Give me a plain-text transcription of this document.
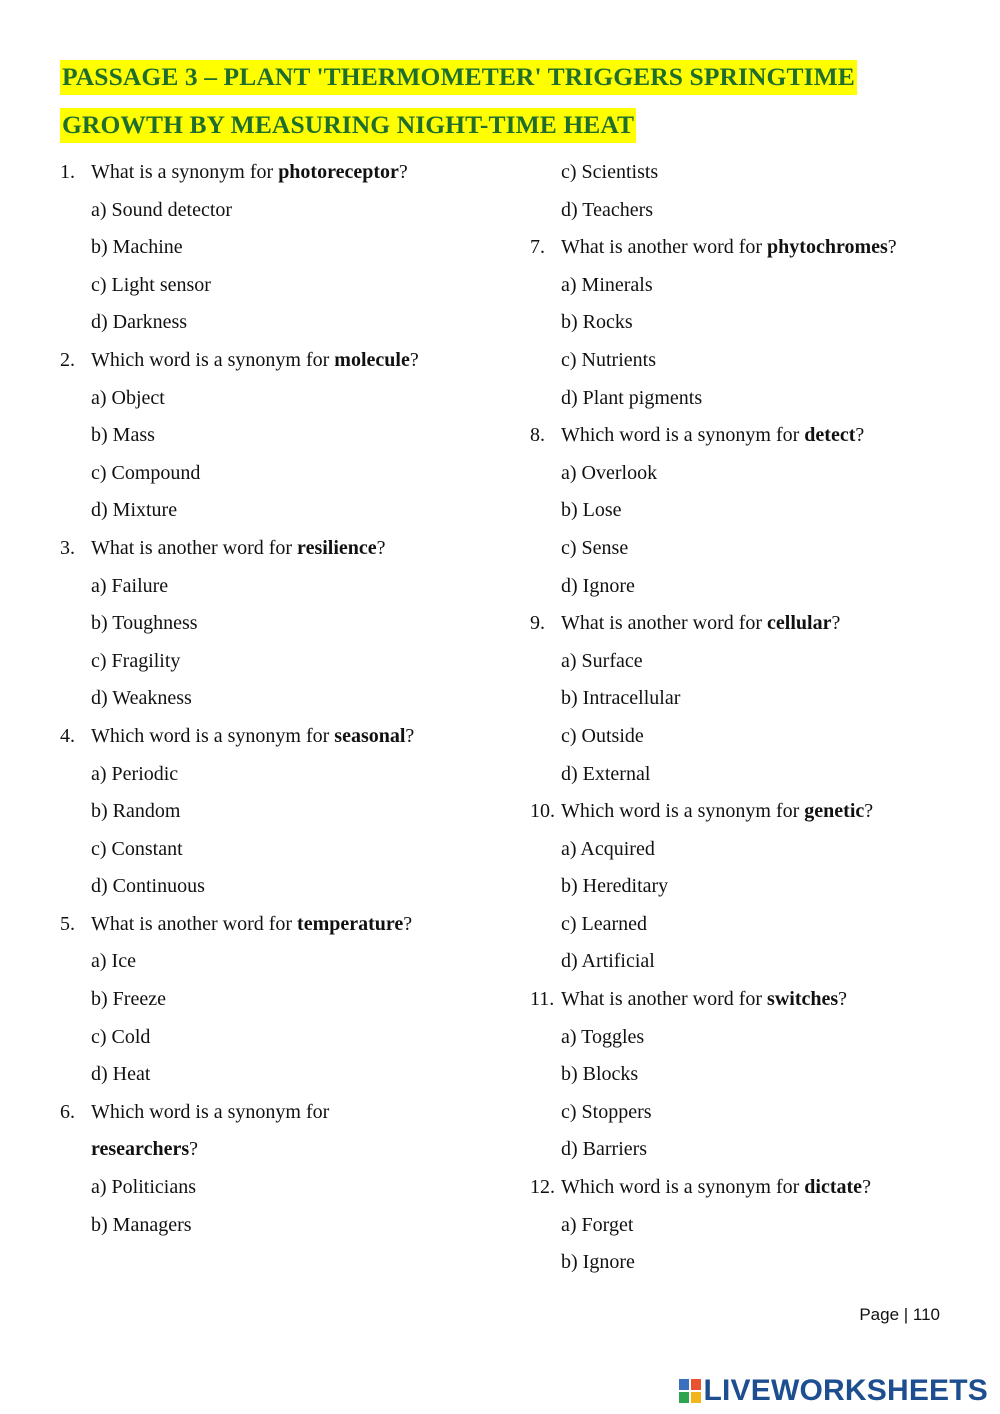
PASSAGE 3 – PLANT 'THERMOMETER' TRIGGERS SPRINGTIME
GROWTH BY MEASURING NIGHT-TIME HEAT
1. What is a synonym for photoreceptor?
a) Sound detector
b) Machine
c) Light sensor
d) Darkness
2. Which word is a synonym for molecule?
a) Object
b) Mass
c) Compound
d) Mixture
3. What is another word for resilience?
a) Failure
b) Toughness
c) Fragility
d) Weakness
4. Which word is a synonym for seasonal?
a) Periodic
b) Random
c) Constant
d) Continuous
5. What is another word for temperature?
a) Ice
b) Freeze
c) Cold
d) Heat
6. Which word is a synonym for
researchers?
a) Politicians
b) Managers
c) Scientists
d) Teachers
7. What is another word for phytochromes?
a) Minerals
b) Rocks
c) Nutrients
d) Plant pigments
8. Which word is a synonym for detect?
a) Overlook
b) Lose
c) Sense
d) Ignore
9. What is another word for cellular?
a) Surface
b) Intracellular
c) Outside
d) External
10. Which word is a synonym for genetic?
a) Acquired
b) Hereditary
c) Learned
d) Artificial
11. What is another word for switches?
a) Toggles
b) Blocks
c) Stoppers
d) Barriers
12. Which word is a synonym for dictate?
a) Forget
b) Ignore
Page | 110
LIVEWORKSHEETS
